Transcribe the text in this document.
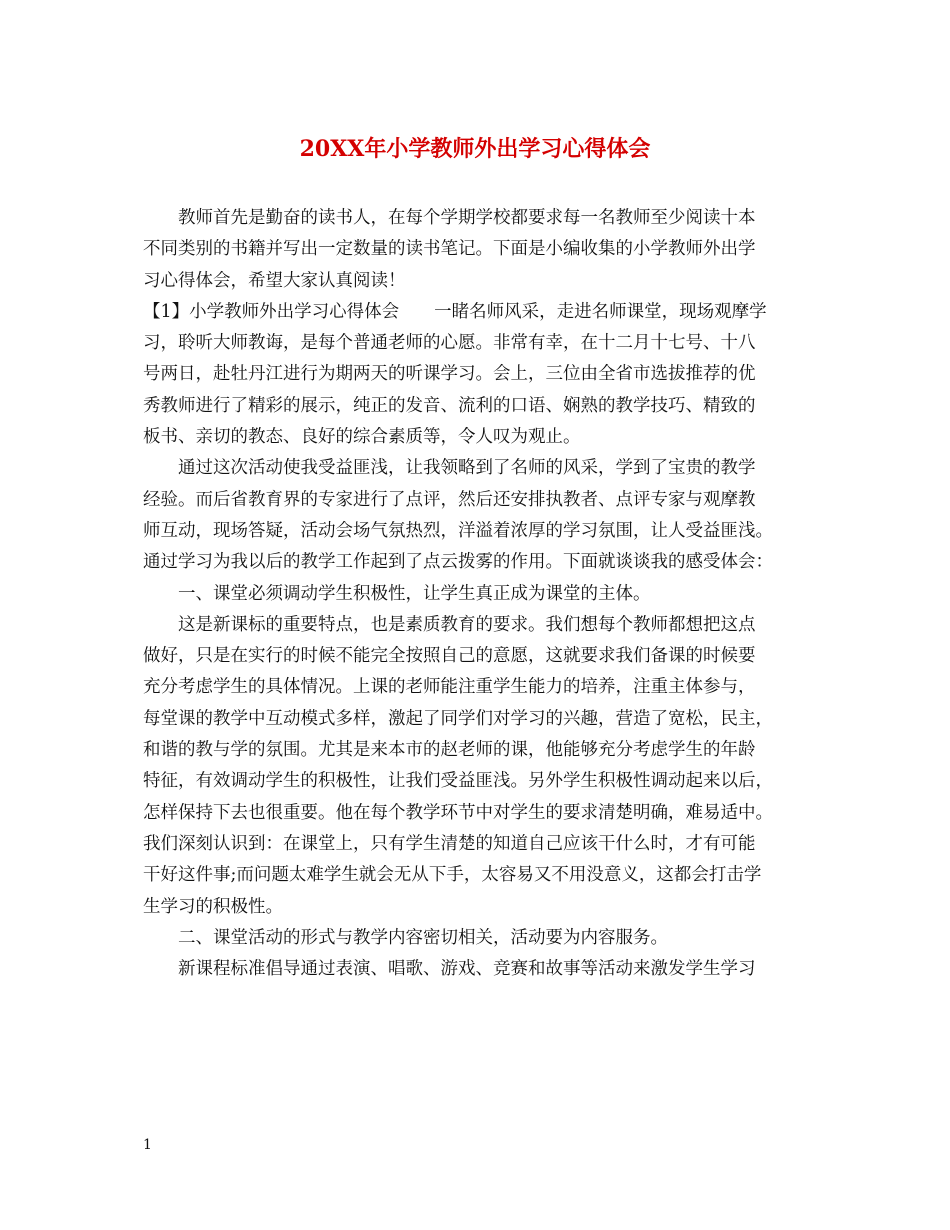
20XX年小学教师外出学习心得体会
教师首先是勤奋的读书人，在每个学期学校都要求每一名教师至少阅读十本
不同类别的书籍并写出一定数量的读书笔记。下面是小编收集的小学教师外出学
习心得体会，希望大家认真阅读！
【1】小学教师外出学习心得体会　　一睹名师风采，走进名师课堂，现场观摩学
习，聆听大师教诲，是每个普通老师的心愿。非常有幸，在十二月十七号、十八
号两日，赴牡丹江进行为期两天的听课学习。会上，三位由全省市选拔推荐的优
秀教师进行了精彩的展示，纯正的发音、流利的口语、娴熟的教学技巧、精致的
板书、亲切的教态、良好的综合素质等，令人叹为观止。
通过这次活动使我受益匪浅，让我领略到了名师的风采，学到了宝贵的教学
经验。而后省教育界的专家进行了点评，然后还安排执教者、点评专家与观摩教
师互动，现场答疑，活动会场气氛热烈，洋溢着浓厚的学习氛围，让人受益匪浅。
通过学习为我以后的教学工作起到了点云拨雾的作用。下面就谈谈我的感受体会：
一、课堂必须调动学生积极性，让学生真正成为课堂的主体。
这是新课标的重要特点，也是素质教育的要求。我们想每个教师都想把这点
做好，只是在实行的时候不能完全按照自己的意愿，这就要求我们备课的时候要
充分考虑学生的具体情况。上课的老师能注重学生能力的培养，注重主体参与，
每堂课的教学中互动模式多样，激起了同学们对学习的兴趣，营造了宽松，民主，
和谐的教与学的氛围。尤其是来本市的赵老师的课，他能够充分考虑学生的年龄
特征，有效调动学生的积极性，让我们受益匪浅。另外学生积极性调动起来以后，
怎样保持下去也很重要。他在每个教学环节中对学生的要求清楚明确，难易适中。
我们深刻认识到：在课堂上，只有学生清楚的知道自己应该干什么时，才有可能
干好这件事;而问题太难学生就会无从下手，太容易又不用没意义，这都会打击学
生学习的积极性。
二、课堂活动的形式与教学内容密切相关，活动要为内容服务。
新课程标准倡导通过表演、唱歌、游戏、竞赛和故事等活动来激发学生学习
1
